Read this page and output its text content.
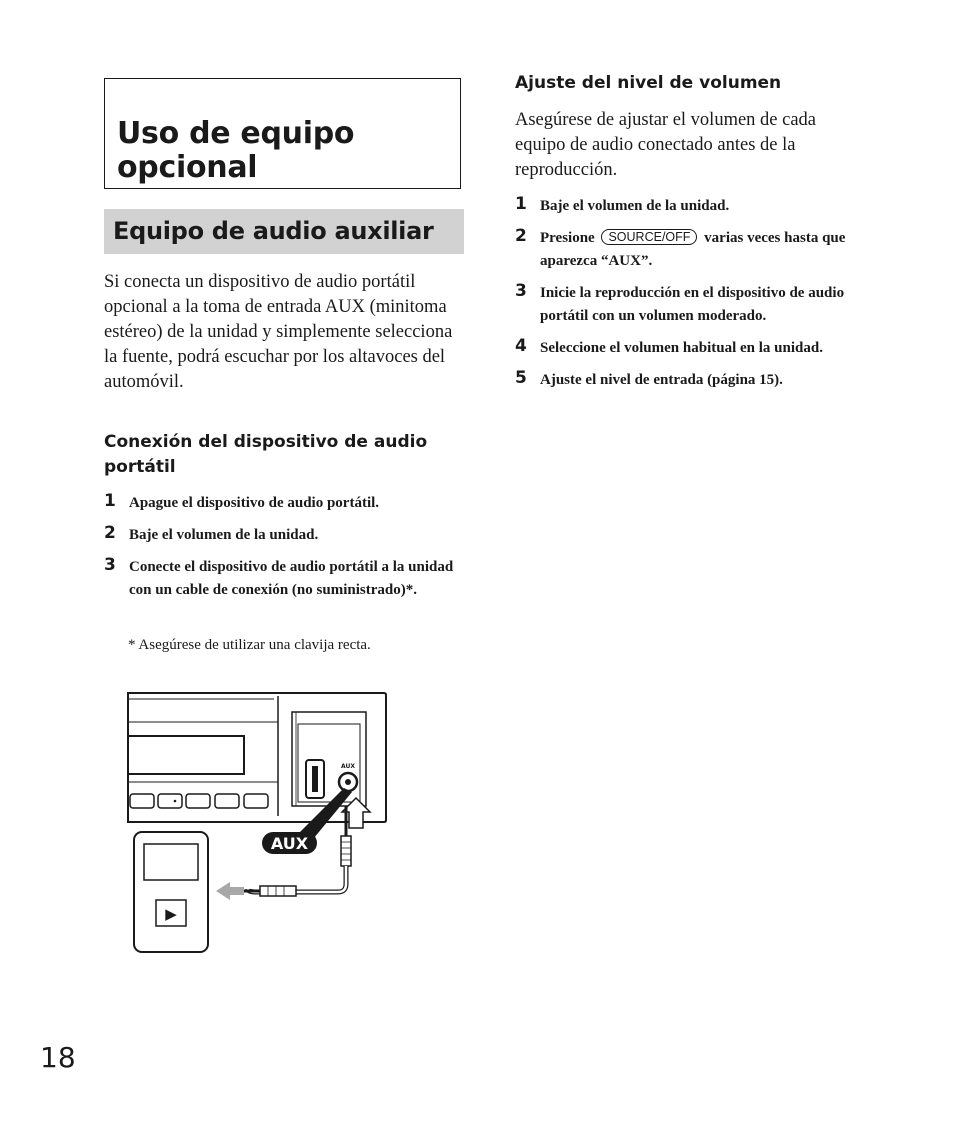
Uso de equipo opcional
Equipo de audio auxiliar

Si conecta un dispositivo de audio portátil opcional a la toma de entrada AUX (minitoma estéreo) de la unidad y simplemente selecciona la fuente, podrá escuchar por los altavoces del automóvil.

Conexión del dispositivo de audio portátil
1 Apague el dispositivo de audio portátil.
2 Baje el volumen de la unidad.
3 Conecte el dispositivo de audio portátil a la unidad con un cable de conexión (no suministrado)*.

* Asegúrese de utilizar una clavija recta.

AUX
AUX
▶
Ajuste del nivel de volumen

Asegúrese de ajustar el volumen de cada equipo de audio conectado antes de la reproducción.

1 Baje el volumen de la unidad.
2 Presione SOURCE/OFF varias veces hasta que aparezca “AUX”.
3 Inicie la reproducción en el dispositivo de audio portátil con un volumen moderado.
4 Seleccione el volumen habitual en la unidad.
5 Ajuste el nivel de entrada (página 15).

18
